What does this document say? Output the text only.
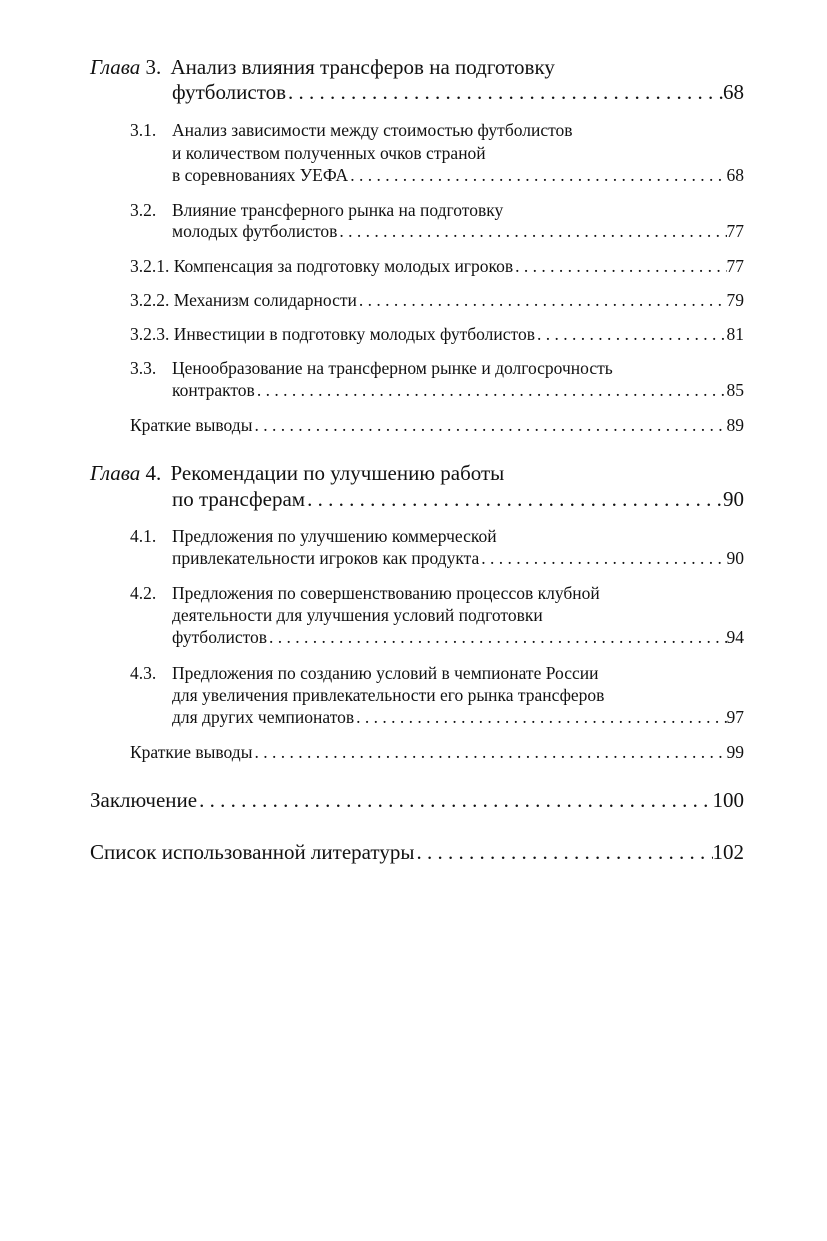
Глава 3. Анализ влияния трансферов на подготовку
футболистов . . .	68
3.1. Анализ зависимости между стоимостью футболистов
и количеством полученных очков страной
в соревнованиях УЕФА . . .	68
3.2. Влияние трансферного рынка на подготовку
молодых футболистов . . .	77
3.2.1. Компенсация за подготовку молодых игроков . . .	77
3.2.2. Механизм солидарности . . .	79
3.2.3. Инвестиции в подготовку молодых футболистов . . .	81
3.3. Ценообразование на трансферном рынке и долгосрочность
контрактов . . .	85
Краткие выводы . . .	89
Глава 4. Рекомендации по улучшению работы
по трансферам . . .	90
4.1. Предложения по улучшению коммерческой
привлекательности игроков как продукта . . .	90
4.2. Предложения по совершенствованию процессов клубной
деятельности для улучшения условий подготовки
футболистов . . .	94
4.3. Предложения по созданию условий в чемпионате России
для увеличения привлекательности его рынка трансферов
для других чемпионатов . . .	97
Краткие выводы . . .	99
Заключение . . .	100
Список использованной литературы . . .	102
